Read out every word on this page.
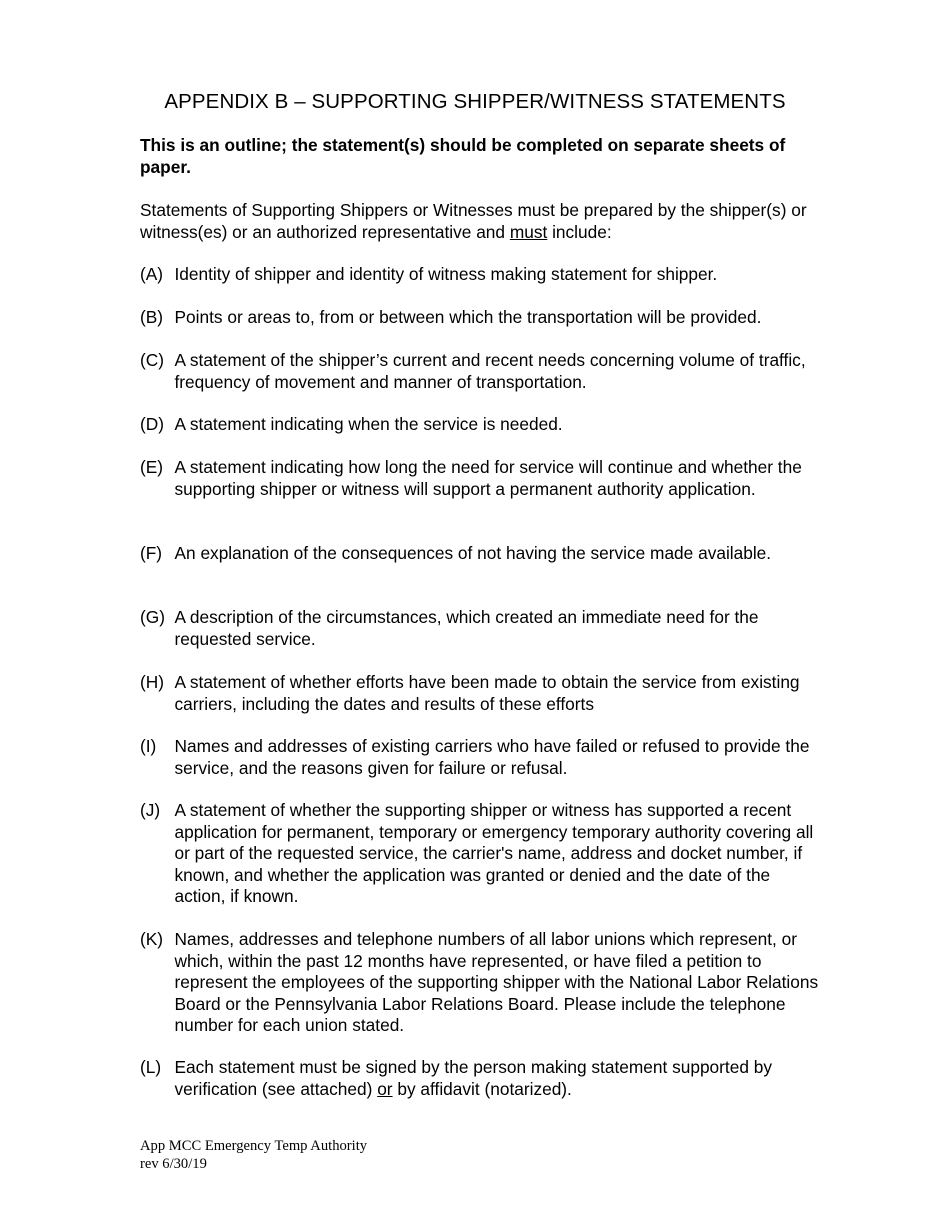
APPENDIX B – SUPPORTING SHIPPER/WITNESS STATEMENTS
This is an outline; the statement(s) should be completed on separate sheets of paper.
Statements of Supporting Shippers or Witnesses must be prepared by the shipper(s) or witness(es) or an authorized representative and must include:
(A) Identity of shipper and identity of witness making statement for shipper.
(B) Points or areas to, from or between which the transportation will be provided.
(C) A statement of the shipper’s current and recent needs concerning volume of traffic, frequency of movement and manner of transportation.
(D) A statement indicating when the service is needed.
(E) A statement indicating how long the need for service will continue and whether the supporting shipper or witness will support a permanent authority application.
(F) An explanation of the consequences of not having the service made available.
(G) A description of the circumstances, which created an immediate need for the requested service.
(H) A statement of whether efforts have been made to obtain the service from existing carriers, including the dates and results of these efforts
(I)	Names and addresses of existing carriers who have failed or refused to provide the service, and the reasons given for failure or refusal.
(J) A statement of whether the supporting shipper or witness has supported a recent application for permanent, temporary or emergency temporary authority covering all or part of the requested service, the carrier's name, address and docket number, if known, and whether the application was granted or denied and the date of the action, if known.
(K) Names, addresses and telephone numbers of all labor unions which represent, or which, within the past 12 months have represented, or have filed a petition to represent the employees of the supporting shipper with the National Labor Relations Board or the Pennsylvania Labor Relations Board. Please include the telephone number for each union stated.
(L) Each statement must be signed by the person making statement supported by verification (see attached) or by affidavit (notarized).
App MCC Emergency Temp Authority
rev 6/30/19
